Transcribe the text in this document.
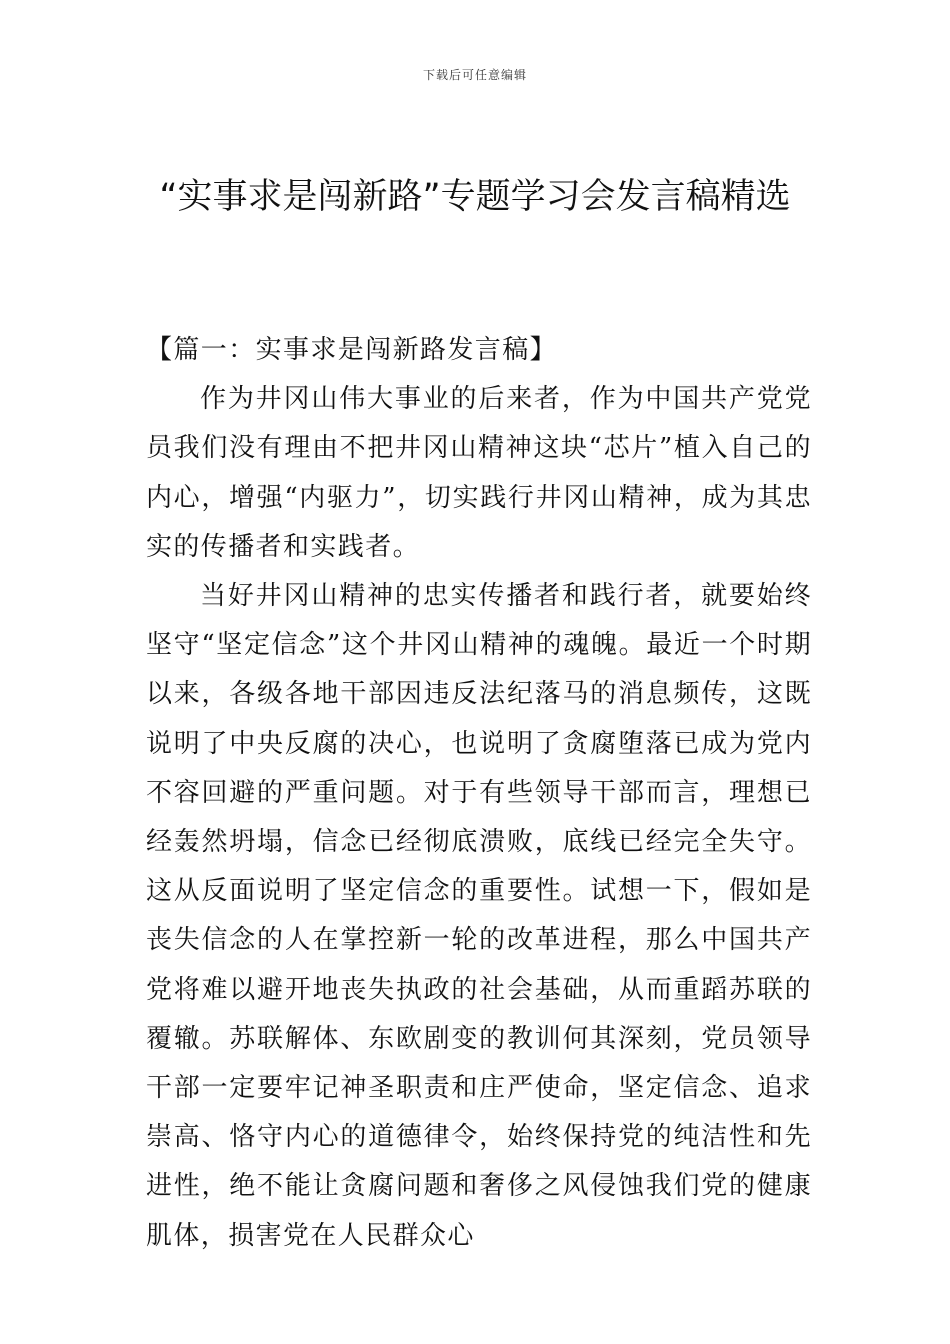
下载后可任意编辑
“实事求是闯新路”专题学习会发言稿精选

【篇一：实事求是闯新路发言稿】

作为井冈山伟大事业的后来者，作为中国共产党党员我们没有理由不把井冈山精神这块“芯片”植入自己的内心，增强“内驱力”，切实践行井冈山精神，成为其忠实的传播者和实践者。

当好井冈山精神的忠实传播者和践行者，就要始终坚守“坚定信念”这个井冈山精神的魂魄。最近一个时期以来，各级各地干部因违反法纪落马的消息频传，这既说明了中央反腐的决心，也说明了贪腐堕落已成为党内不容回避的严重问题。对于有些领导干部而言，理想已经轰然坍塌，信念已经彻底溃败，底线已经完全失守。这从反面说明了坚定信念的重要性。试想一下，假如是丧失信念的人在掌控新一轮的改革进程，那么中国共产党将难以避开地丧失执政的社会基础，从而重蹈苏联的覆辙。苏联解体、东欧剧变的教训何其深刻，党员领导干部一定要牢记神圣职责和庄严使命，坚定信念、追求崇高、恪守内心的道德律令，始终保持党的纯洁性和先进性，绝不能让贪腐问题和奢侈之风侵蚀我们党的健康肌体，损害党在人民群众心
